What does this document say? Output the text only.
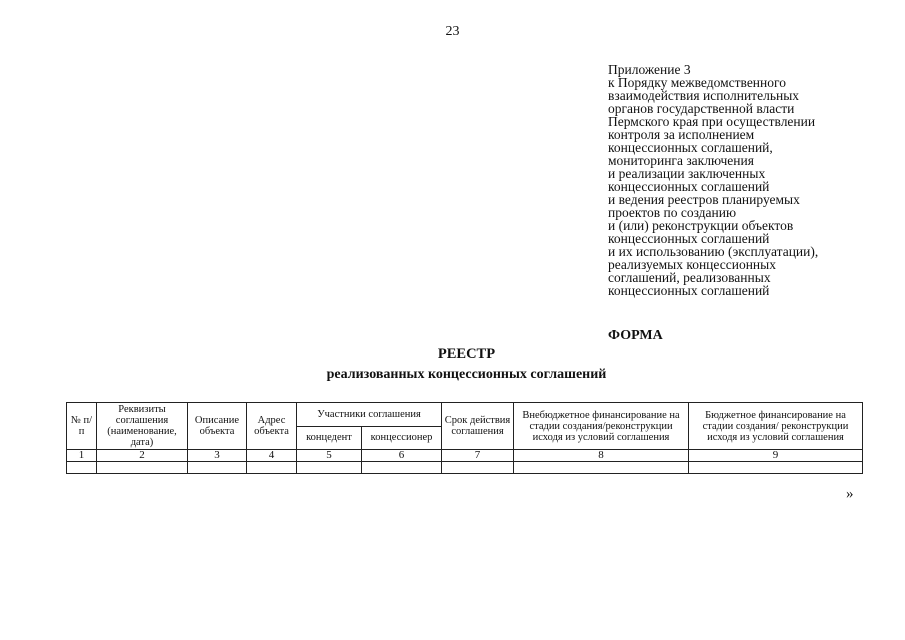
23
Приложение 3
к Порядку межведомственного
взаимодействия исполнительных
органов государственной власти
Пермского края при осуществлении
контроля за исполнением
концессионных соглашений,
мониторинга заключения
и реализации заключенных
концессионных соглашений
и ведения реестров планируемых
проектов по созданию
и (или) реконструкции объектов
концессионных соглашений
и их использованию (эксплуатации),
реализуемых концессионных
соглашений, реализованных
концессионных соглашений
ФОРМА
РЕЕСТР
реализованных концессионных соглашений
№ п/п	Реквизиты соглашения (наименование, дата)	Описание объекта	Адрес объекта	Участники соглашения		Срок действия соглашения	Внебюджетное финансирование на стадии создания/реконструкции исходя из условий соглашения	Бюджетное финансирование на стадии создания/ реконструкции исходя из условий соглашения
				концедент	концессионер			
1	2	3	4	5	6	7	8	9

»
